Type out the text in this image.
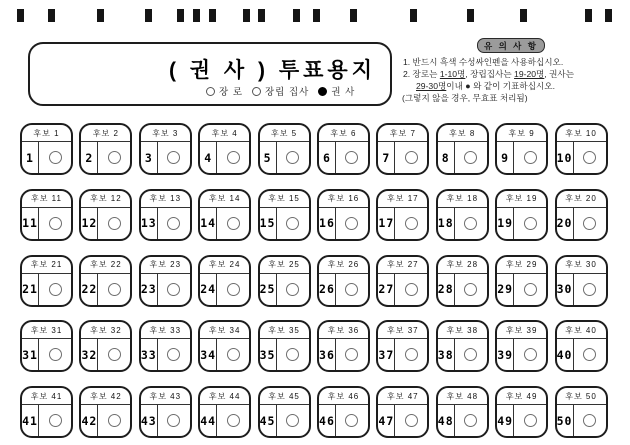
( 권 사 ) 투표용지
장 로 장립 집사 권 사
유 의 사 항
1. 반드시 흑색 수성싸인펜을 사용하십시오.
2. 장로는 1-10명, 장립집사는 19-20명, 권사는
29-30명이내 ● 와 같이 기표하십시오.
(그렇지 않을 경우, 무효표 처리됨)
후보 1
1
후보 2
2
후보 3
3
후보 4
4
후보 5
5
후보 6
6
후보 7
7
후보 8
8
후보 9
9
후보 10
10
후보 11
11
후보 12
12
후보 13
13
후보 14
14
후보 15
15
후보 16
16
후보 17
17
후보 18
18
후보 19
19
후보 20
20
후보 21
21
후보 22
22
후보 23
23
후보 24
24
후보 25
25
후보 26
26
후보 27
27
후보 28
28
후보 29
29
후보 30
30
후보 31
31
후보 32
32
후보 33
33
후보 34
34
후보 35
35
후보 36
36
후보 37
37
후보 38
38
후보 39
39
후보 40
40
후보 41
41
후보 42
42
후보 43
43
후보 44
44
후보 45
45
후보 46
46
후보 47
47
후보 48
48
후보 49
49
후보 50
50
